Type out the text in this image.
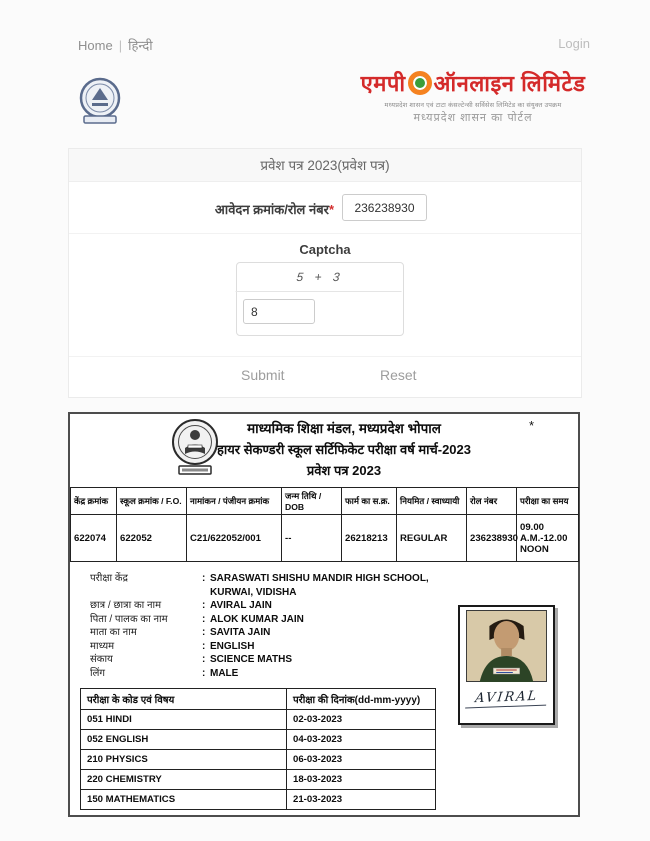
Home | हिन्दी	Login
एमपी ऑनलाइन लिमिटेड
मध्यप्रदेश शासन एवं टाटा कंसल्टेन्सी सर्विसेस लिमिटेड का संयुक्त उपक्रम
मध्यप्रदेश शासन का पोर्टल
प्रवेश पत्र 2023(प्रवेश पत्र)
आवेदन क्रमांक/रोल नंबर*
236238930
Captcha
5 + 3
8
Submit	Reset
*
माध्यमिक शिक्षा मंडल, मध्यप्रदेश भोपाल
हायर सेकण्डरी स्कूल सर्टिफिकेट परीक्षा वर्ष मार्च-2023
प्रवेश पत्र 2023
केंद्र क्रमांक	स्कूल क्रमांक / F.O.	नामांकन / पंजीयन क्रमांक	जन्म तिथि / DOB	फार्म का स.क्र.	नियमित / स्वाध्यायी	रोल नंबर	परीक्षा का समय
622074	622052	C21/622052/001	--	26218213	REGULAR	236238930	09.00 A.M.-12.00 NOON
परीक्षा केंद्र	: SARASWATI SHISHU MANDIR HIGH SCHOOL, KURWAI, VIDISHA
छात्र / छात्रा का नाम	: AVIRAL JAIN
पिता / पालक का नाम	: ALOK KUMAR JAIN
माता का नाम	: SAVITA JAIN
माध्यम	: ENGLISH
संकाय	: SCIENCE MATHS
लिंग	: MALE
परीक्षा के कोड एवं विषय	परीक्षा की दिनांक(dd-mm-yyyy)
051 HINDI	02-03-2023
052 ENGLISH	04-03-2023
210 PHYSICS	06-03-2023
220 CHEMISTRY	18-03-2023
150 MATHEMATICS	21-03-2023
AVIRAL
